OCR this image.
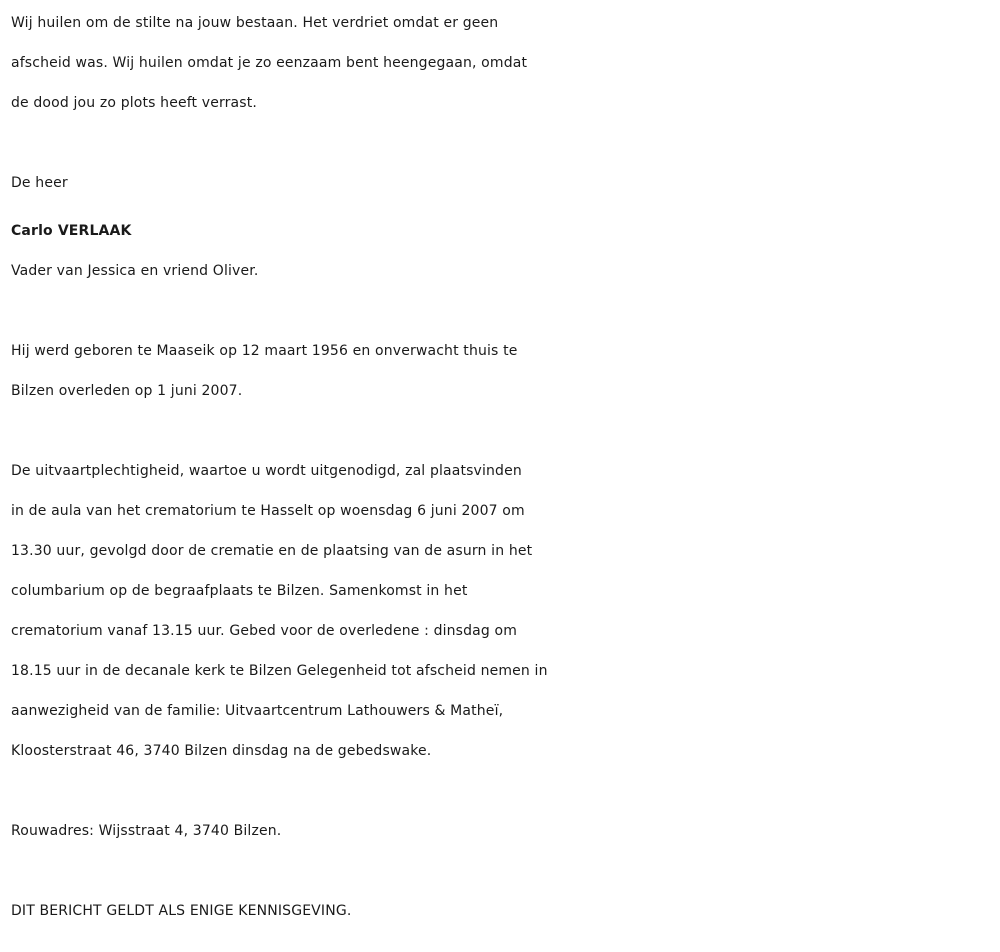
Wij huilen om de stilte na jouw bestaan. Het verdriet omdat er geen

afscheid was. Wij huilen omdat je zo eenzaam bent heengegaan, omdat

de dood jou zo plots heeft verrast.

De heer

Carlo VERLAAK

Vader van Jessica en vriend Oliver.

Hij werd geboren te Maaseik op 12 maart 1956 en onverwacht thuis te

Bilzen overleden op 1 juni 2007.

De uitvaartplechtigheid, waartoe u wordt uitgenodigd, zal plaatsvinden

in de aula van het crematorium te Hasselt op woensdag 6 juni 2007 om

13.30 uur, gevolgd door de crematie en de plaatsing van de asurn in het

columbarium op de begraafplaats te Bilzen. Samenkomst in het

crematorium vanaf 13.15 uur. Gebed voor de overledene : dinsdag om

18.15 uur in de decanale kerk te Bilzen Gelegenheid tot afscheid nemen in

aanwezigheid van de familie: Uitvaartcentrum Lathouwers & Matheï,

Kloosterstraat 46, 3740 Bilzen dinsdag na de gebedswake.

Rouwadres: Wijsstraat 4, 3740 Bilzen.

DIT BERICHT GELDT ALS ENIGE KENNISGEVING.
